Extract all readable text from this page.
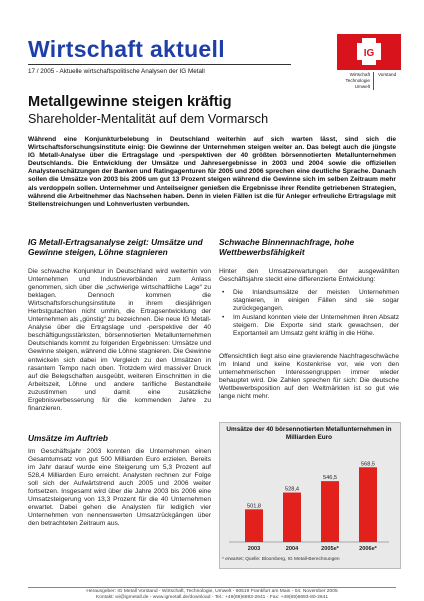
Wirtschaft aktuell
17 / 2005 - Aktuelle wirtschaftspolitische Analysen der IG Metall
IG
Wirtschaft Technologie Umwelt
Vorstand
Metallgewinne steigen kräftig
Shareholder-Mentalität auf dem Vormarsch
Während eine Konjunkturbelebung in Deutschland weiterhin auf sich warten lässt, sind sich die Wirtschaftsforschungsinstitute einig: Die Gewinne der Unternehmen steigen weiter an. Das belegt auch die jüngste IG Metall-Analyse über die Ertragslage und -perspektiven der 40 größten börsennotierten Metallunternehmen Deutschlands. Die Entwicklung der Umsätze und Jahresergebnisse in 2003 und 2004 sowie die offiziellen Analystenschätzungen der Banken und Ratingagenturen für 2005 und 2006 sprechen eine deutliche Sprache. Danach sollen die Umsätze von 2003 bis 2006 um gut 13 Prozent steigen während die Gewinne sich im selben Zeitraum mehr als verdoppeln sollen. Unternehmer und Anteilseigner genießen die Ergebnisse ihrer Rendite getriebenen Strategien, während die Arbeitnehmer das Nachsehen haben. Denn in vielen Fällen ist die für Anleger erfreuliche Ertragslage mit Stellenstreichungen und Lohnverlusten verbunden.
IG Metall-Ertragsanalyse zeigt: Umsätze und Gewinne steigen, Löhne stagnieren
Die schwache Konjunktur in Deutschland wird weiterhin von Unternehmen und Industrieverbänden zum Anlass genommen, sich über die „schwierige wirtschaftliche Lage“ zu beklagen. Dennoch kommen die Wirtschaftsforschungsinstitute in ihrem diesjährigen Herbstgutachten nicht umhin, die Ertragsentwicklung der Unternehmen als „günstig“ zu bezeichnen. Die neue IG Metall-Analyse über die Ertragslage und -perspektive der 40 beschäftigungsstärksten, börsennotierten Metallunternehmen Deutschlands kommt zu folgenden Ergebnissen: Umsätze und Gewinne steigen, während die Löhne stagnieren. Die Gewinne entwickeln sich dabei im Vergleich zu den Umsätzen in rasantem Tempo nach oben. Trotzdem wird massiver Druck auf die Belegschaften ausgeübt, weiteren Einschnitten in die Arbeitszeit, Löhne und andere tarifliche Bestandteile zuzustimmen und damit eine zusätzliche Ergebnisverbesserung für die kommenden Jahre zu finanzieren.
Umsätze im Auftrieb
Im Geschäftsjahr 2003 konnten die Unternehmen einen Gesamtumsatz von gut 500 Milliarden Euro erzielen. Bereits im Jahr darauf wurde eine Steigerung um 5,3 Prozent auf 528,4 Milliarden Euro erreicht. Analysten rechnen zur Folge soll sich der Aufwärtstrend auch 2005 und 2006 weiter fortsetzen. Insgesamt wird über die Jahre 2003 bis 2006 eine Umsatzsteigerung von 13,3 Prozent für die 40 Unternehmen erwartet. Dabei gehen die Analysten für lediglich vier Unternehmen von nennenswerten Umsatzrückgängen über den betrachteten Zeitraum aus.
Schwache Binnennachfrage, hohe Wettbewerbsfähigkeit
Hinter den Umsatzerwartungen der ausgewählten Geschäftsjahre steckt eine differenzierte Entwicklung:
• Die Inlandsumsätze der meisten Unternehmen stagnieren, in einigen Fällen sind sie sogar zurückgegangen.
• Im Ausland konnten viele der Unternehmen ihren Absatz steigern. Die Exporte sind stark gewachsen, der Exportanteil am Umsatz geht kräftig in die Höhe.
Offensichtlich liegt also eine gravierende Nachfrageschwäche im Inland und keine Kostenkrise vor, wie von den unternehmerischen Interessengruppen immer wieder behauptet wird. Die Zahlen sprechen für sich: Die deutsche Wettbewerbsposition auf den Weltmärkten ist so gut wie lange nicht mehr.
Umsätze der 40 börsennotierten Metallunternehmen in Milliarden Euro
501,8
2003
528,4
2004
546,5
2005e*
568,5
2006e*
* erwartet; Quelle: Bloomberg, IG Metall-Berechnungen
Herausgeber: IG Metall Vorstand - Wirtschaft, Technologie, Umwelt - 60519 Frankfurt am Main - 04. November 2005
Kontakt: wi@igmetall.de - www.igmetall.de/download - Tel.: +49(69)6693-2641 - Fax: +49(69)6693-80-2641
